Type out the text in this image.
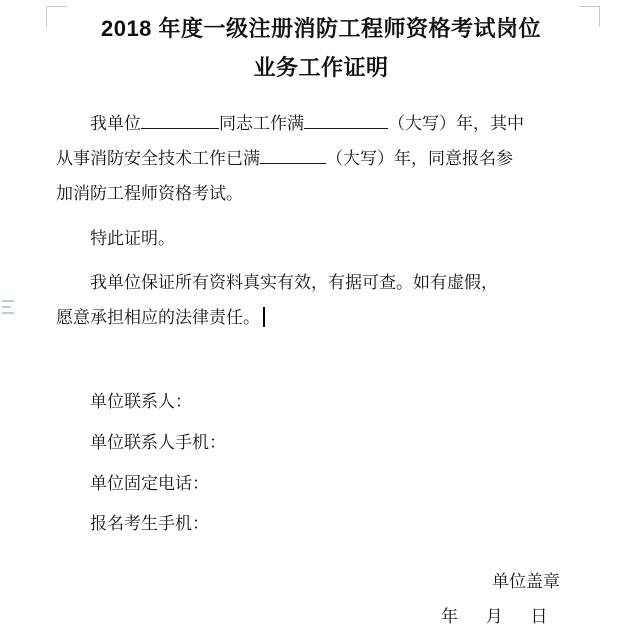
2018 年度一级注册消防工程师资格考试岗位
业务工作证明

我单位	同志工作满	（大写）年，其中

从事消防安全技术工作已满	（大写）年，同意报名参

加消防工程师资格考试。

特此证明。

我单位保证所有资料真实有效，有据可查。如有虚假，

愿意承担相应的法律责任。

单位联系人：

单位联系人手机：

单位固定电话：

报名考生手机：

单位盖章
年 月 日
